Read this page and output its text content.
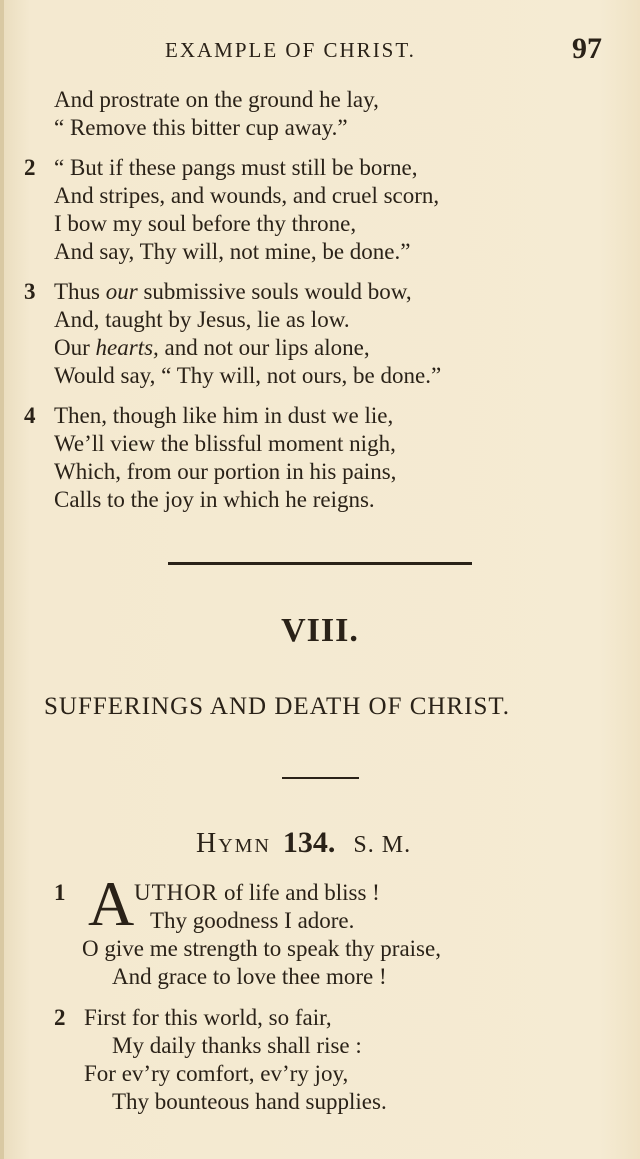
EXAMPLE OF CHRIST.	97
And prostrate on the ground he lay,
“ Remove this bitter cup away.”
2 “ But if these pangs must still be borne,
And stripes, and wounds, and cruel scorn,
I bow my soul before thy throne,
And say, Thy will, not mine, be done.”
3 Thus our submissive souls would bow,
And, taught by Jesus, lie as low.
Our hearts, and not our lips alone,
Would say, “ Thy will, not ours, be done.”
4 Then, though like him in dust we lie,
We’ll view the blissful moment nigh,
Which, from our portion in his pains,
Calls to the joy in which he reigns.
VIII.
SUFFERINGS AND DEATH OF CHRIST.
Hymn 134. S. M.
1 A UTHOR of life and bliss !
Thy goodness I adore.
O give me strength to speak thy praise,
And grace to love thee more !
2 First for this world, so fair,
My daily thanks shall rise :
For ev’ry comfort, ev’ry joy,
Thy bounteous hand supplies.
